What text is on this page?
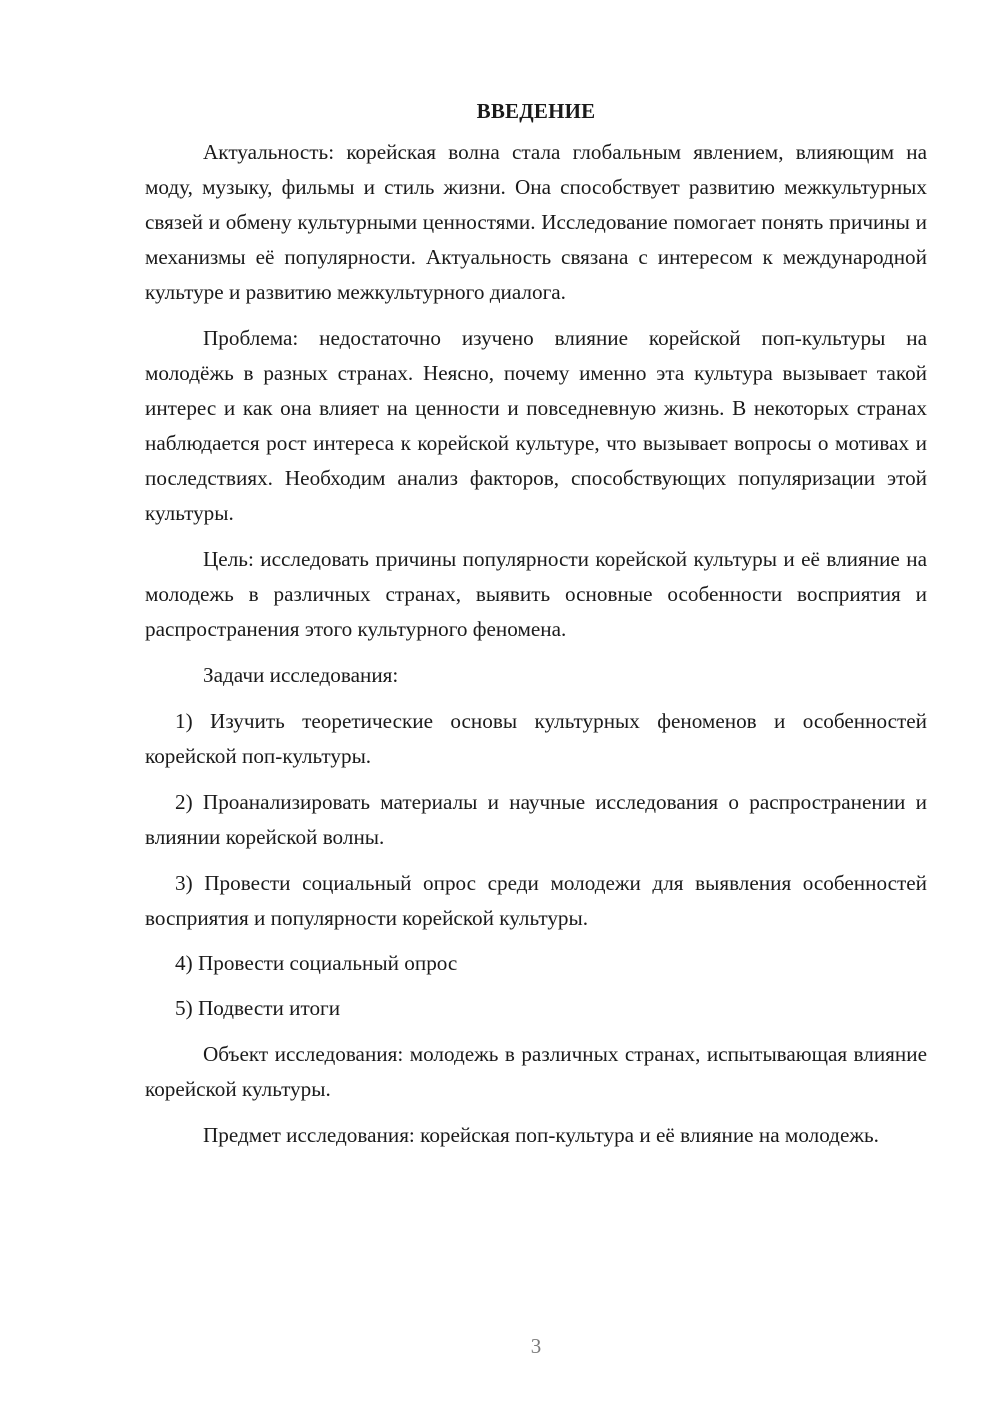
ВВЕДЕНИЕ

Актуальность: корейская волна стала глобальным явлением, влияющим на моду, музыку, фильмы и стиль жизни. Она способствует развитию межкультурных связей и обмену культурными ценностями. Исследование помогает понять причины и механизмы её популярности. Актуальность связана с интересом к международной культуре и развитию межкультурного диалога.

Проблема: недостаточно изучено влияние корейской поп-культуры на молодёжь в разных странах. Неясно, почему именно эта культура вызывает такой интерес и как она влияет на ценности и повседневную жизнь. В некоторых странах наблюдается рост интереса к корейской культуре, что вызывает вопросы о мотивах и последствиях. Необходим анализ факторов, способствующих популяризации этой культуры.

Цель: исследовать причины популярности корейской культуры и её влияние на молодежь в различных странах, выявить основные особенности восприятия и распространения этого культурного феномена.

Задачи исследования:

1) Изучить теоретические основы культурных феноменов и особенностей корейской поп-культуры.

2) Проанализировать материалы и научные исследования о распространении и влиянии корейской волны.

3) Провести социальный опрос среди молодежи для выявления особенностей восприятия и популярности корейской культуры.

4) Провести социальный опрос

5) Подвести итоги

Объект исследования: молодежь в различных странах, испытывающая влияние корейской культуры.

Предмет исследования: корейская поп-культура и её влияние на молодежь.

3
